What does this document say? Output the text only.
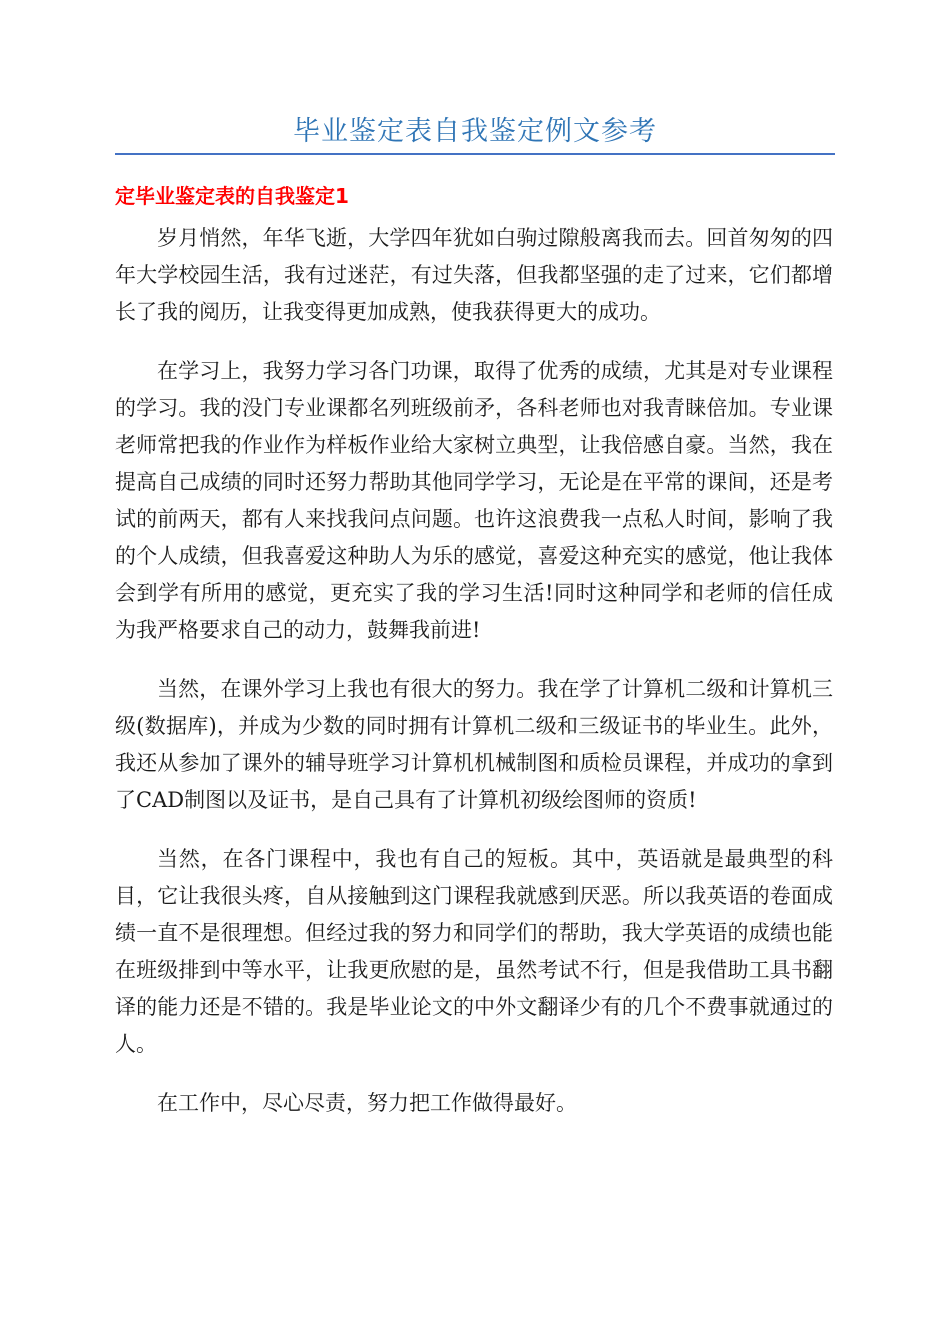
毕业鉴定表自我鉴定例文参考
定毕业鉴定表的自我鉴定1

岁月悄然，年华飞逝，大学四年犹如白驹过隙般离我而去。回首匆匆的四年大学校园生活，我有过迷茫，有过失落，但我都坚强的走了过来，它们都增长了我的阅历，让我变得更加成熟，使我获得更大的成功。

在学习上，我努力学习各门功课，取得了优秀的成绩，尤其是对专业课程的学习。我的没门专业课都名列班级前矛，各科老师也对我青睐倍加。专业课老师常把我的作业作为样板作业给大家树立典型，让我倍感自豪。当然，我在提高自己成绩的同时还努力帮助其他同学学习，无论是在平常的课间，还是考试的前两天，都有人来找我问点问题。也许这浪费我一点私人时间，影响了我的个人成绩，但我喜爱这种助人为乐的感觉，喜爱这种充实的感觉，他让我体会到学有所用的感觉，更充实了我的学习生活!同时这种同学和老师的信任成为我严格要求自己的动力，鼓舞我前进!

当然，在课外学习上我也有很大的努力。我在学了计算机二级和计算机三级(数据库)，并成为少数的同时拥有计算机二级和三级证书的毕业生。此外，我还从参加了课外的辅导班学习计算机机械制图和质检员课程，并成功的拿到了CAD制图以及证书，是自己具有了计算机初级绘图师的资质!

当然，在各门课程中，我也有自己的短板。其中，英语就是最典型的科目，它让我很头疼，自从接触到这门课程我就感到厌恶。所以我英语的卷面成绩一直不是很理想。但经过我的努力和同学们的帮助，我大学英语的成绩也能在班级排到中等水平，让我更欣慰的是，虽然考试不行，但是我借助工具书翻译的能力还是不错的。我是毕业论文的中外文翻译少有的几个不费事就通过的人。

在工作中，尽心尽责，努力把工作做得最好。
